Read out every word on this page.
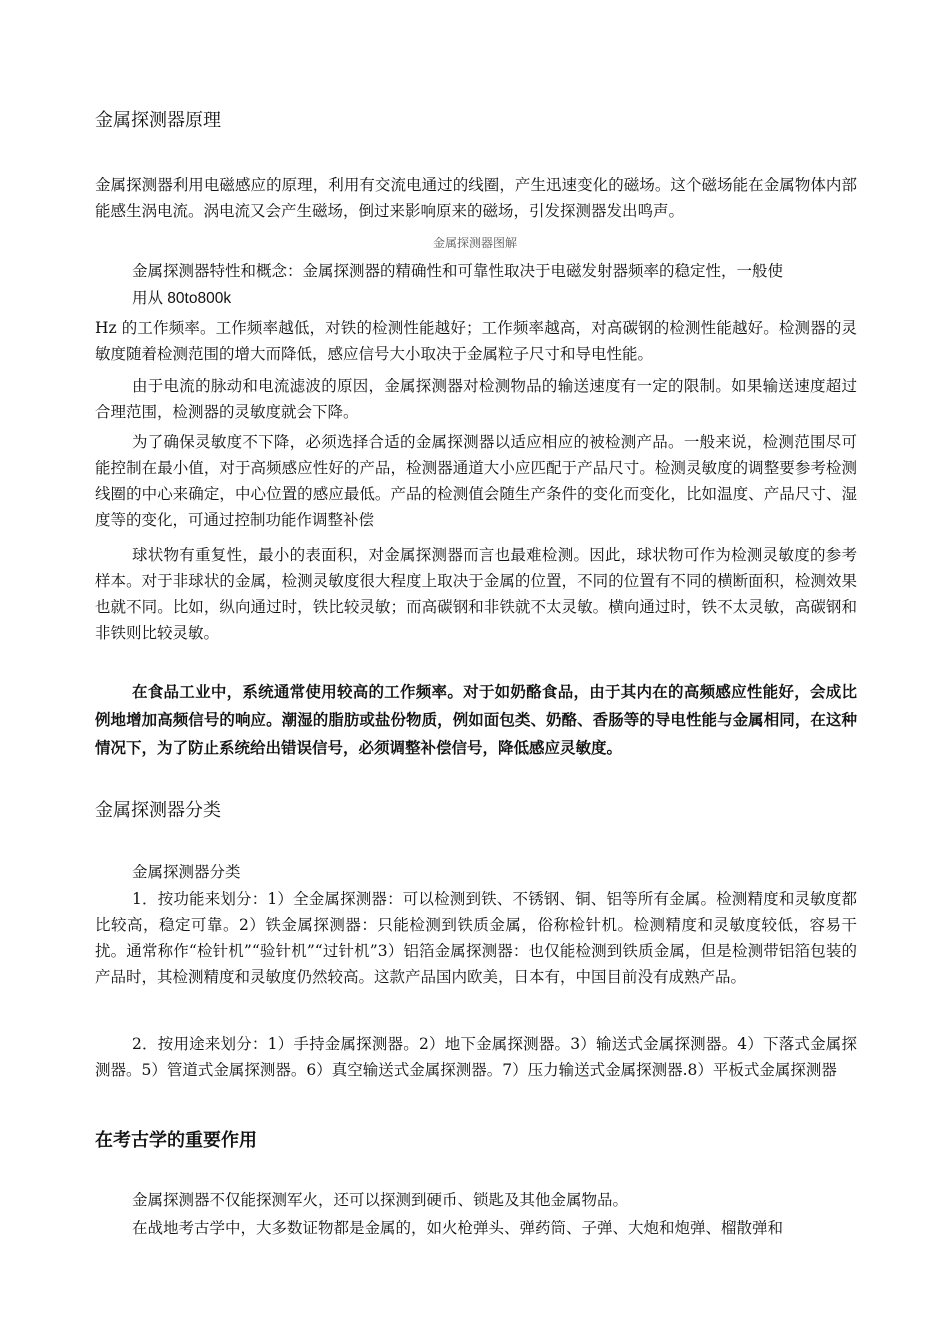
金属探测器原理

金属探测器利用电磁感应的原理，利用有交流电通过的线圈，产生迅速变化的磁场。这个磁场能在金属物体内部能感生涡电流。涡电流又会产生磁场，倒过来影响原来的磁场，引发探测器发出鸣声。

金属探测器图解

金属探测器特性和概念：金属探测器的精确性和可靠性取决于电磁发射器频率的稳定性，一般使

用从 80to800k

Hz 的工作频率。工作频率越低，对铁的检测性能越好；工作频率越高，对高碳钢的检测性能越好。检测器的灵敏度随着检测范围的增大而降低，感应信号大小取决于金属粒子尺寸和导电性能。

由于电流的脉动和电流滤波的原因，金属探测器对检测物品的输送速度有一定的限制。如果输送速度超过合理范围，检测器的灵敏度就会下降。

为了确保灵敏度不下降，必须选择合适的金属探测器以适应相应的被检测产品。一般来说，检测范围尽可能控制在最小值，对于高频感应性好的产品，检测器通道大小应匹配于产品尺寸。检测灵敏度的调整要参考检测线圈的中心来确定，中心位置的感应最低。产品的检测值会随生产条件的变化而变化，比如温度、产品尺寸、湿度等的变化，可通过控制功能作调整补偿

球状物有重复性，最小的表面积，对金属探测器而言也最难检测。因此，球状物可作为检测灵敏度的参考样本。对于非球状的金属，检测灵敏度很大程度上取决于金属的位置，不同的位置有不同的横断面积，检测效果也就不同。比如，纵向通过时，铁比较灵敏；而高碳钢和非铁就不太灵敏。横向通过时，铁不太灵敏，高碳钢和非铁则比较灵敏。

在食品工业中，系统通常使用较高的工作频率。对于如奶酪食品，由于其内在的高频感应性能好，会成比例地增加高频信号的响应。潮湿的脂肪或盐份物质，例如面包类、奶酪、香肠等的导电性能与金属相同，在这种情况下，为了防止系统给出错误信号，必须调整补偿信号，降低感应灵敏度。

金属探测器分类

金属探测器分类

1．按功能来划分：1）全金属探测器：可以检测到铁、不锈钢、铜、铝等所有金属。检测精度和灵敏度都比较高，稳定可靠。2）铁金属探测器：只能检测到铁质金属，俗称检针机。检测精度和灵敏度较低，容易干扰。通常称作“检针机”“验针机”“过针机”3）铝箔金属探测器：也仅能检测到铁质金属，但是检测带铝箔包装的产品时，其检测精度和灵敏度仍然较高。这款产品国内欧美，日本有，中国目前没有成熟产品。

2．按用途来划分：1）手持金属探测器。2）地下金属探测器。3）输送式金属探测器。4）下落式金属探测器。5）管道式金属探测器。6）真空输送式金属探测器。7）压力输送式金属探测器.8）平板式金属探测器

在考古学的重要作用

金属探测器不仅能探测军火，还可以探测到硬币、锁匙及其他金属物品。

在战地考古学中，大多数证物都是金属的，如火枪弹头、弹药筒、子弹、大炮和炮弹、榴散弹和
